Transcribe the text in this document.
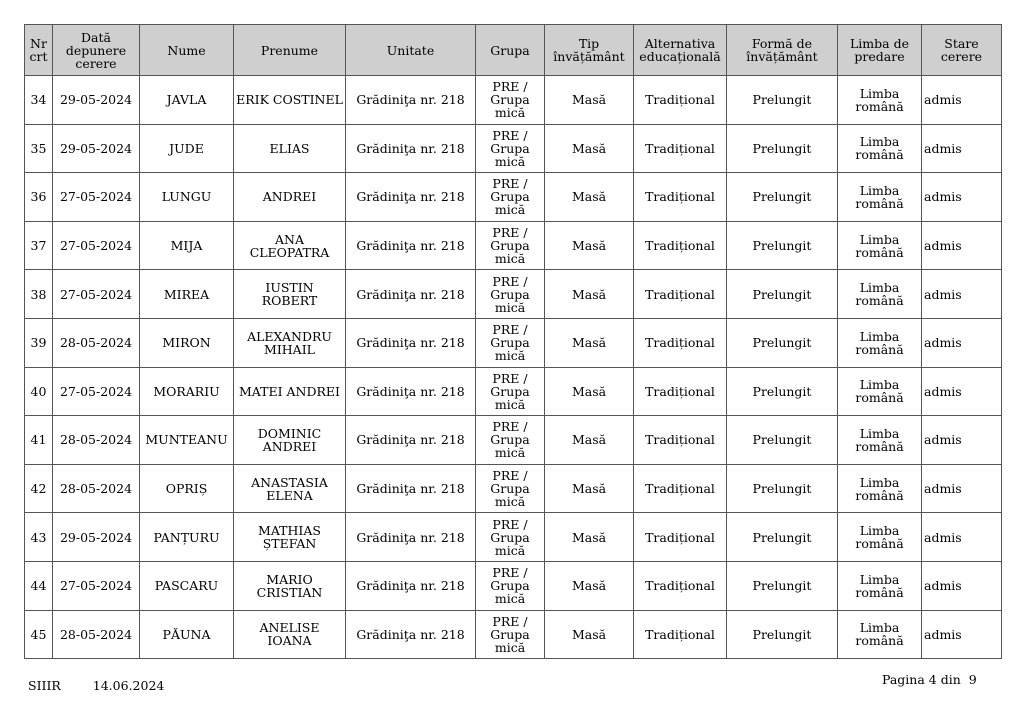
Nr crt	Dată depunere cerere	Nume	Prenume	Unitate	Grupa	Tip învățământ	Alternativa educațională	Formă de învățământ	Limba de predare	Stare cerere
34	29-05-2024	JAVLA	ERIK COSTINEL	Grădiniţa nr. 218	PRE / Grupa mică	Masă	Tradițional	Prelungit	Limba română	admis
35	29-05-2024	JUDE	ELIAS	Grădiniţa nr. 218	PRE / Grupa mică	Masă	Tradițional	Prelungit	Limba română	admis
36	27-05-2024	LUNGU	ANDREI	Grădiniţa nr. 218	PRE / Grupa mică	Masă	Tradițional	Prelungit	Limba română	admis
37	27-05-2024	MIJA	ANA CLEOPATRA	Grădiniţa nr. 218	PRE / Grupa mică	Masă	Tradițional	Prelungit	Limba română	admis
38	27-05-2024	MIREA	IUSTIN ROBERT	Grădiniţa nr. 218	PRE / Grupa mică	Masă	Tradițional	Prelungit	Limba română	admis
39	28-05-2024	MIRON	ALEXANDRU MIHAIL	Grădiniţa nr. 218	PRE / Grupa mică	Masă	Tradițional	Prelungit	Limba română	admis
40	27-05-2024	MORARIU	MATEI ANDREI	Grădiniţa nr. 218	PRE / Grupa mică	Masă	Tradițional	Prelungit	Limba română	admis
41	28-05-2024	MUNTEANU	DOMINIC ANDREI	Grădiniţa nr. 218	PRE / Grupa mică	Masă	Tradițional	Prelungit	Limba română	admis
42	28-05-2024	OPRIȘ	ANASTASIA ELENA	Grădiniţa nr. 218	PRE / Grupa mică	Masă	Tradițional	Prelungit	Limba română	admis
43	29-05-2024	PANȚURU	MATHIAS ȘTEFAN	Grădiniţa nr. 218	PRE / Grupa mică	Masă	Tradițional	Prelungit	Limba română	admis
44	27-05-2024	PASCARU	MARIO CRISTIAN	Grădiniţa nr. 218	PRE / Grupa mică	Masă	Tradițional	Prelungit	Limba română	admis
45	28-05-2024	PĂUNA	ANELISE IOANA	Grădiniţa nr. 218	PRE / Grupa mică	Masă	Tradițional	Prelungit	Limba română	admis
SIIIR	14.06.2024	Pagina 4 din 9
